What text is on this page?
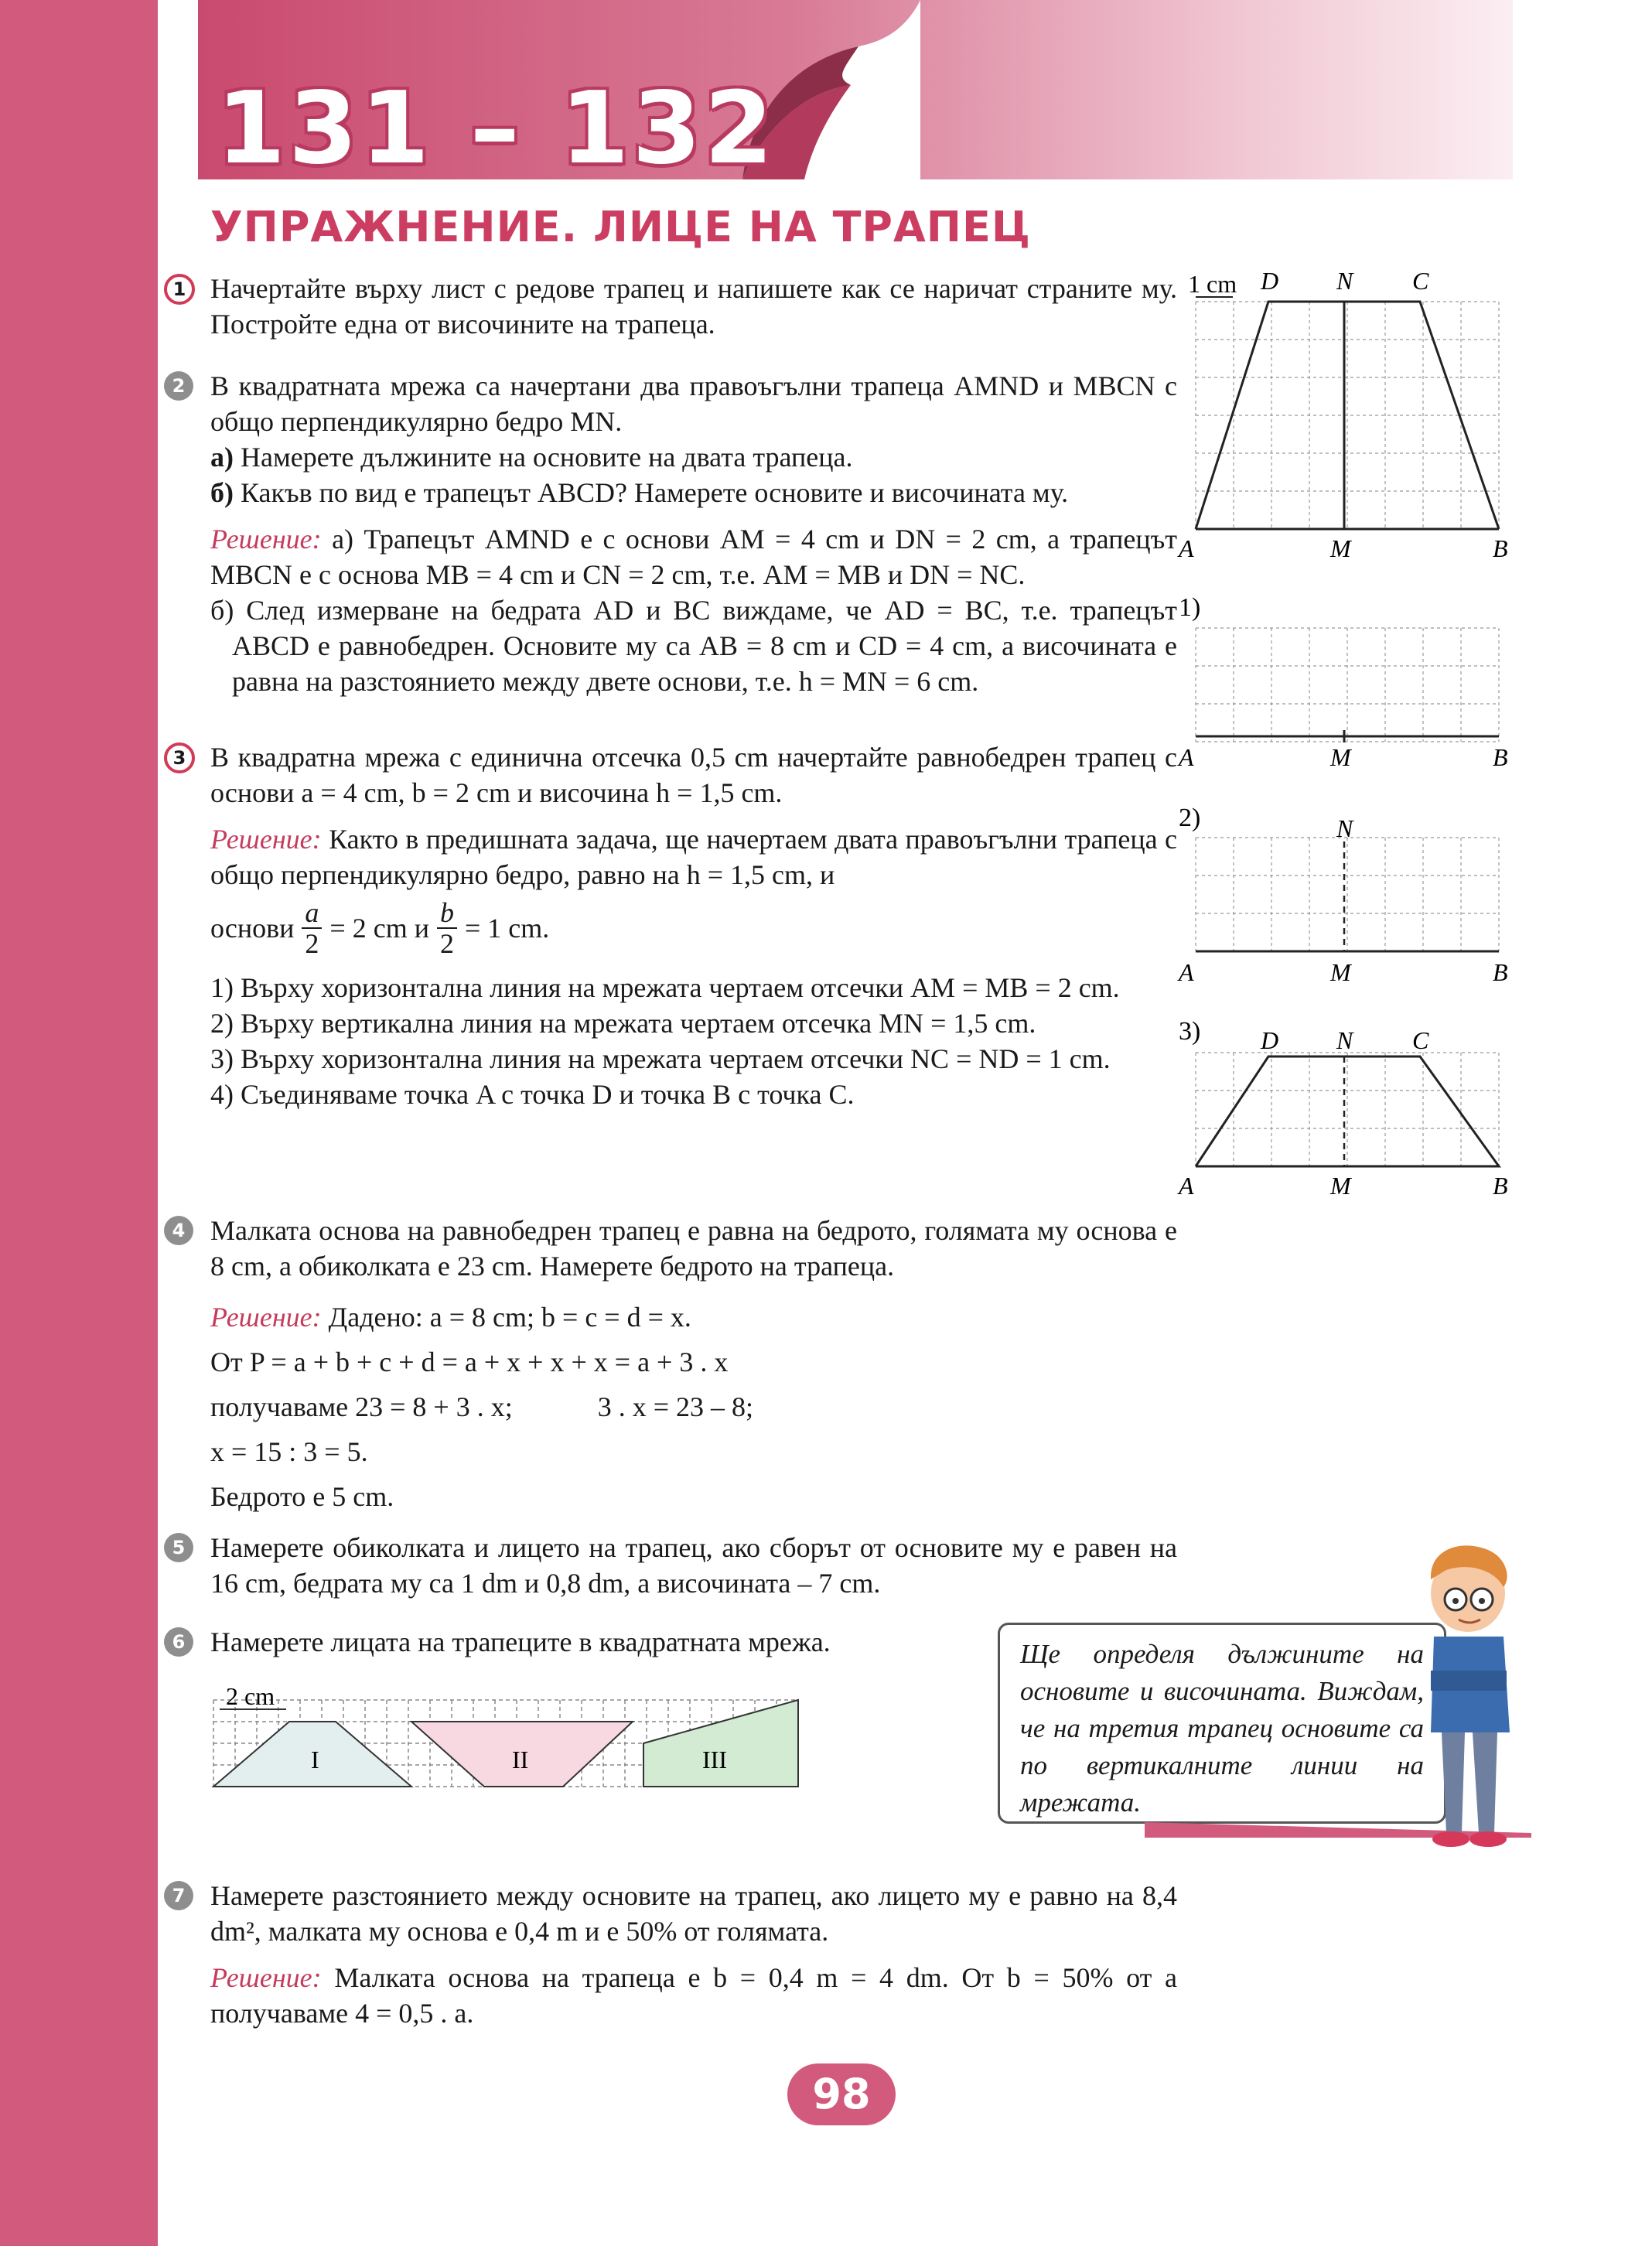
131 – 132
УПРАЖНЕНИЕ. ЛИЦЕ НА ТРАПЕЦ
1 Начертайте върху лист с редове трапец и напишете как се наричат страните му. Постройте една от височините на трапеца.

2 В квадратната мрежа са начертани два правоъгълни трапеца AMND и MBCN с общо перпендикулярно бедро MN.

а) Намерете дължините на основите на двата трапеца.

б) Какъв по вид е трапецът ABCD? Намерете основите и височината му.

Решение: а) Трапецът AMND е с основи AM = 4 cm и DN = 2 cm, а трапецът MBCN е с основа MB = 4 cm и CN = 2 cm, т.е. AM = MB и DN = NC.

б) След измерване на бедрата AD и BC виждаме, че AD = BC, т.е. трапецът ABCD е равнобедрен. Основите му са AB = 8 cm и CD = 4 cm, а височината е равна на разстоянието между двете основи, т.е. h = MN = 6 cm.

3 В квадратна мрежа с единична отсечка 0,5 cm начертайте равнобедрен трапец с основи a = 4 cm, b = 2 cm и височина h = 1,5 cm.

Решение: Както в предишната задача, ще начертаем двата правоъгълни трапеца с общо перпендикулярно бедро, равно на h = 1,5 cm, и

основи $\frac{a}{2} = 2$ cm и $\frac{b}{2} = 1$ cm.

1) Върху хоризонтална линия на мрежата чертаем отсечки AM = MB = 2 cm.

2) Върху вертикална линия на мрежата чертаем отсечка MN = 1,5 cm.

3) Върху хоризонтална линия на мрежата чертаем отсечки NC = ND = 1 cm.

4) Съединяваме точка A с точка D и точка B с точка C.

4 Малката основа на равнобедрен трапец е равна на бедрото, голямата му основа е 8 cm, а обиколката е 23 cm. Намерете бедрото на трапеца.

Решение: Дадено: a = 8 cm; b = c = d = x.

От P = a + b + c + d = a + x + x + x = a + 3 . x

получаваме 23 = 8 + 3 . x;	3 . x = 23 – 8;

x = 15 : 3 = 5.

Бедрото е 5 cm.

5 Намерете обиколката и лицето на трапец, ако сборът от основите му е равен на 16 cm, бедрата му са 1 dm и 0,8 dm, а височината – 7 cm.

6 Намерете лицата на трапеците в квадратната мрежа.

2 cm
I	II	III
7 Намерете разстоянието между основите на трапец, ако лицето му е равно на 8,4 dm², малката му основа е 0,4 m и е 50% от голямата.

Решение: Малката основа на трапеца е b = 0,4 m = 4 dm. От b = 50% от a получаваме 4 = 0,5 . a.

1 cm D N C
A	M	B
1)
A	M	B
2)	N
A	M	B
3) D N C
A	M	B

Ще определя дължините на основите и височината. Виждам, че на третия трапец основите са по вертикалните линии на мрежата.

98
